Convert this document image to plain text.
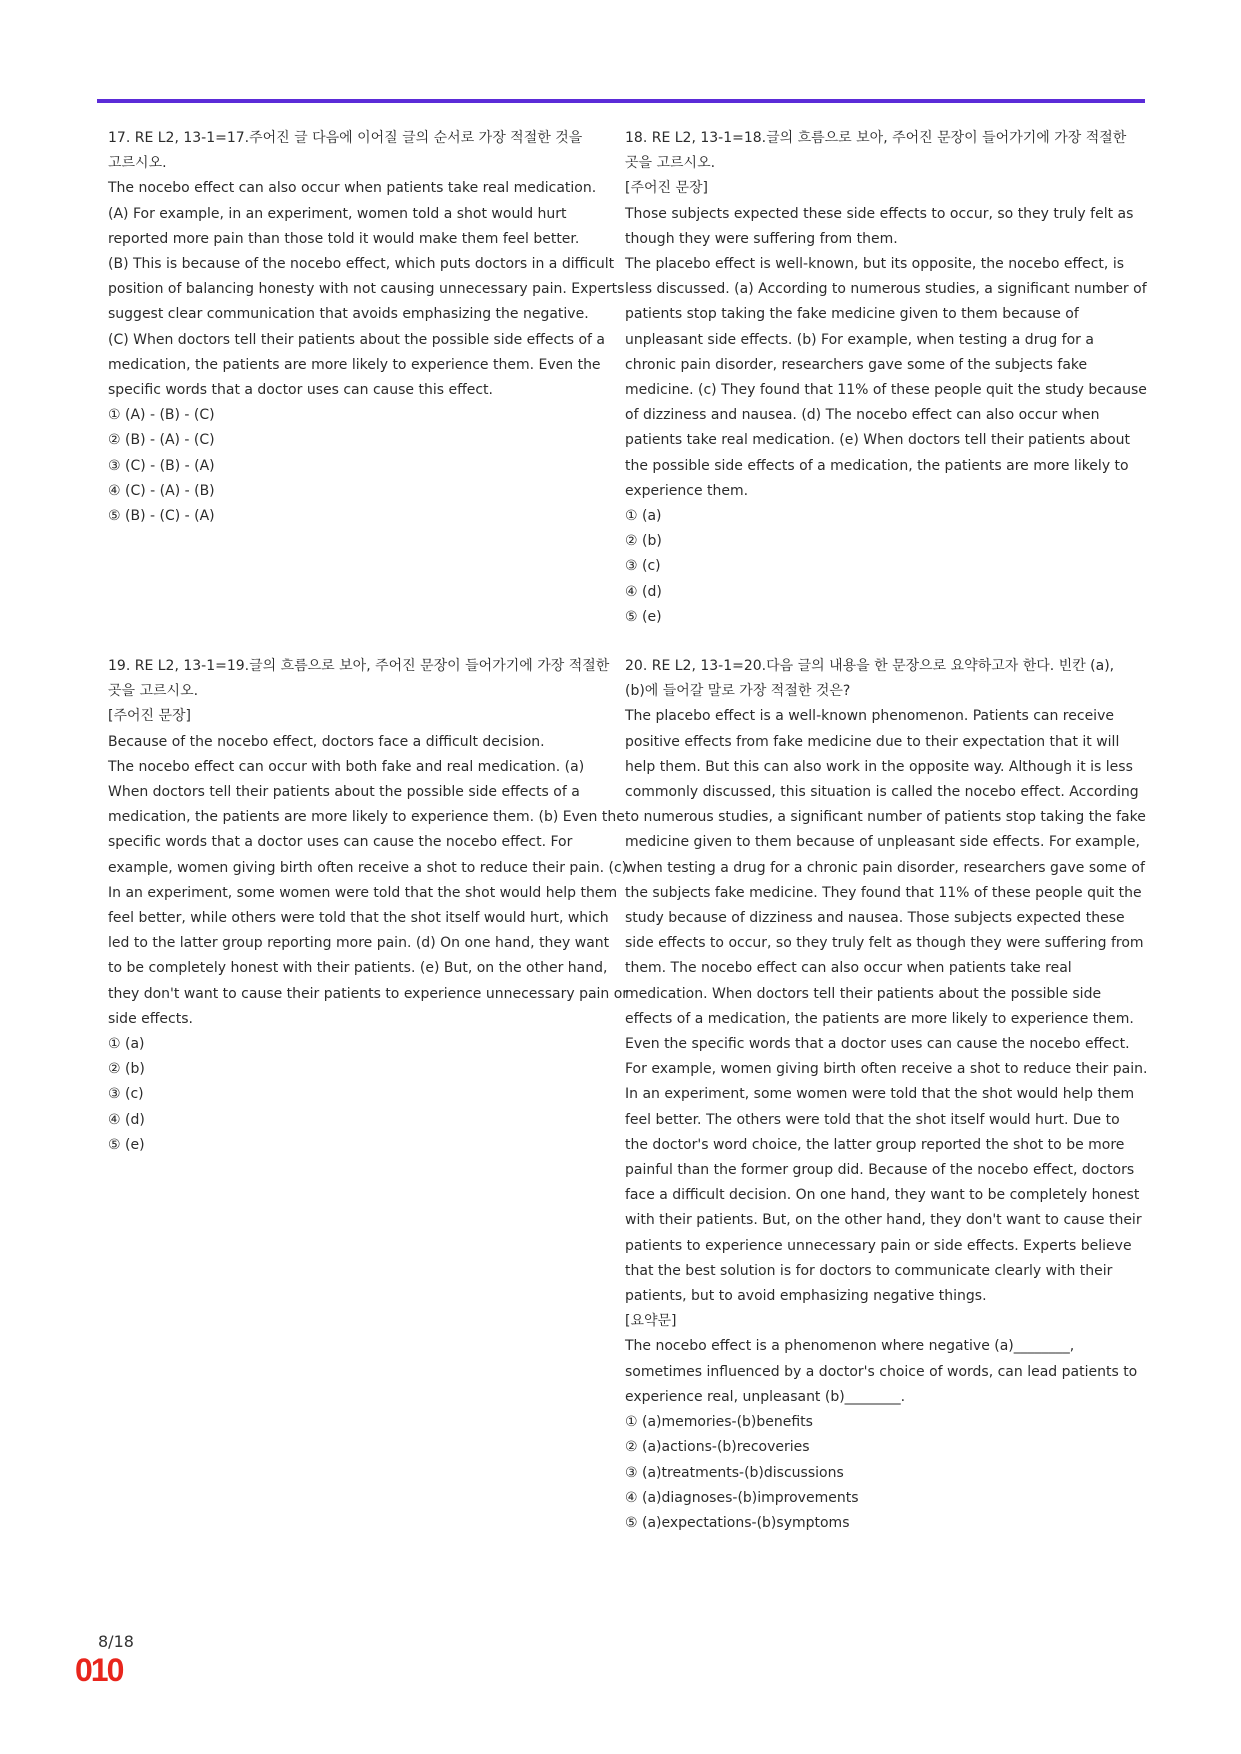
17. RE L2, 13-1=17.주어진 글 다음에 이어질 글의 순서로 가장 적절한 것을
고르시오.
The nocebo effect can also occur when patients take real medication.
(A) For example, in an experiment, women told a shot would hurt
reported more pain than those told it would make them feel better.
(B) This is because of the nocebo effect, which puts doctors in a difficult
position of balancing honesty with not causing unnecessary pain. Experts
suggest clear communication that avoids emphasizing the negative.
(C) When doctors tell their patients about the possible side effects of a
medication, the patients are more likely to experience them. Even the
specific words that a doctor uses can cause this effect.
① (A) - (B) - (C)
② (B) - (A) - (C)
③ (C) - (B) - (A)
④ (C) - (A) - (B)
⑤ (B) - (C) - (A)
18. RE L2, 13-1=18.글의 흐름으로 보아, 주어진 문장이 들어가기에 가장 적절한
곳을 고르시오.
[주어진 문장]
Those subjects expected these side effects to occur, so they truly felt as
though they were suffering from them.
The placebo effect is well-known, but its opposite, the nocebo effect, is
less discussed. (a) According to numerous studies, a significant number of
patients stop taking the fake medicine given to them because of
unpleasant side effects. (b) For example, when testing a drug for a
chronic pain disorder, researchers gave some of the subjects fake
medicine. (c) They found that 11% of these people quit the study because
of dizziness and nausea. (d) The nocebo effect can also occur when
patients take real medication. (e) When doctors tell their patients about
the possible side effects of a medication, the patients are more likely to
experience them.
① (a)
② (b)
③ (c)
④ (d)
⑤ (e)
19. RE L2, 13-1=19.글의 흐름으로 보아, 주어진 문장이 들어가기에 가장 적절한
곳을 고르시오.
[주어진 문장]
Because of the nocebo effect, doctors face a difficult decision.
The nocebo effect can occur with both fake and real medication. (a)
When doctors tell their patients about the possible side effects of a
medication, the patients are more likely to experience them. (b) Even the
specific words that a doctor uses can cause the nocebo effect. For
example, women giving birth often receive a shot to reduce their pain. (c)
In an experiment, some women were told that the shot would help them
feel better, while others were told that the shot itself would hurt, which
led to the latter group reporting more pain. (d) On one hand, they want
to be completely honest with their patients. (e) But, on the other hand,
they don't want to cause their patients to experience unnecessary pain or
side effects.
① (a)
② (b)
③ (c)
④ (d)
⑤ (e)
20. RE L2, 13-1=20.다음 글의 내용을 한 문장으로 요약하고자 한다. 빈칸 (a),
(b)에 들어갈 말로 가장 적절한 것은?
The placebo effect is a well-known phenomenon. Patients can receive
positive effects from fake medicine due to their expectation that it will
help them. But this can also work in the opposite way. Although it is less
commonly discussed, this situation is called the nocebo effect. According
to numerous studies, a significant number of patients stop taking the fake
medicine given to them because of unpleasant side effects. For example,
when testing a drug for a chronic pain disorder, researchers gave some of
the subjects fake medicine. They found that 11% of these people quit the
study because of dizziness and nausea. Those subjects expected these
side effects to occur, so they truly felt as though they were suffering from
them. The nocebo effect can also occur when patients take real
medication. When doctors tell their patients about the possible side
effects of a medication, the patients are more likely to experience them.
Even the specific words that a doctor uses can cause the nocebo effect.
For example, women giving birth often receive a shot to reduce their pain.
In an experiment, some women were told that the shot would help them
feel better. The others were told that the shot itself would hurt. Due to
the doctor's word choice, the latter group reported the shot to be more
painful than the former group did. Because of the nocebo effect, doctors
face a difficult decision. On one hand, they want to be completely honest
with their patients. But, on the other hand, they don't want to cause their
patients to experience unnecessary pain or side effects. Experts believe
that the best solution is for doctors to communicate clearly with their
patients, but to avoid emphasizing negative things.
[요약문]
The nocebo effect is a phenomenon where negative (a)________,
sometimes influenced by a doctor's choice of words, can lead patients to
experience real, unpleasant (b)________.
① (a)memories-(b)benefits
② (a)actions-(b)recoveries
③ (a)treatments-(b)discussions
④ (a)diagnoses-(b)improvements
⑤ (a)expectations-(b)symptoms
8/18
010
